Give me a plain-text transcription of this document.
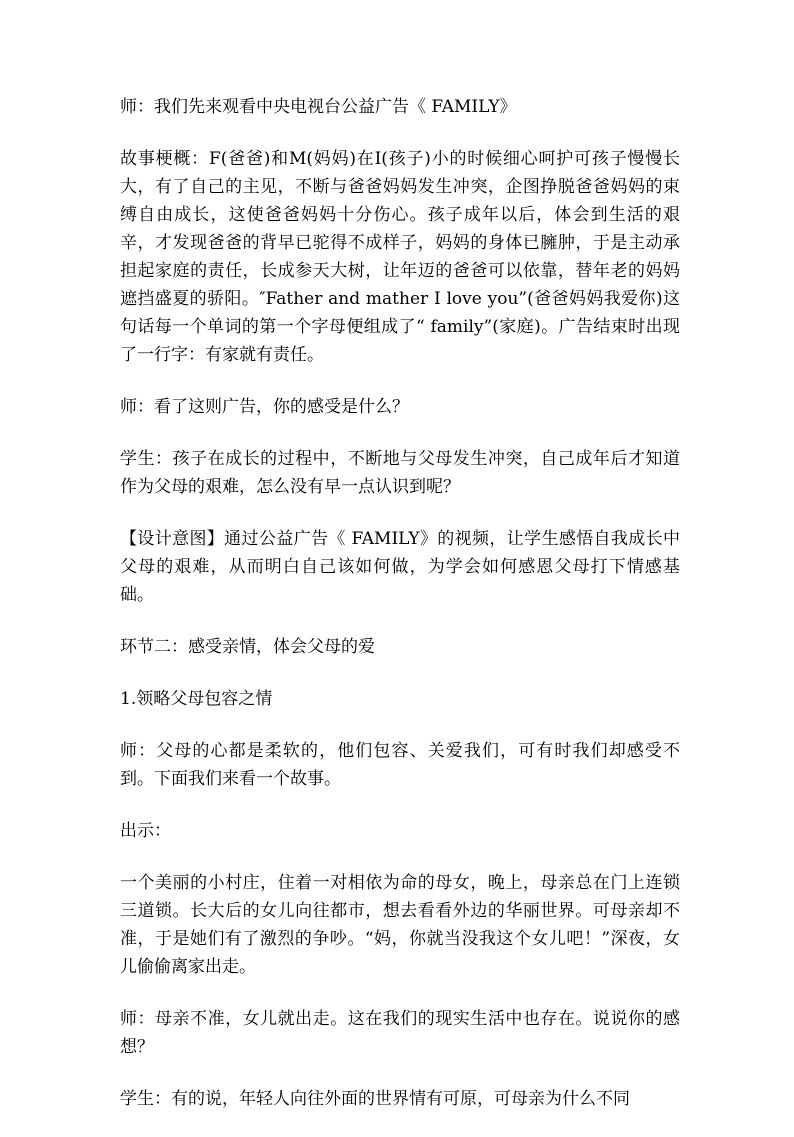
师：我们先来观看中央电视台公益广告《 FAMILY》

故事梗概：F(爸爸)和M(妈妈)在I(孩子)小的时候细心呵护可孩子慢慢长大，有了自己的主见，不断与爸爸妈妈发生冲突，企图挣脱爸爸妈妈的束缚自由成长，这使爸爸妈妈十分伤心。孩子成年以后，体会到生活的艰辛，才发现爸爸的背早已驼得不成样子，妈妈的身体已臃肿，于是主动承担起家庭的责任，长成参天大树，让年迈的爸爸可以依靠，替年老的妈妈遮挡盛夏的骄阳。″Father and mather I love you”(爸爸妈妈我爱你)这句话每一个单词的第一个字母便组成了“ family”(家庭)。广告结束时出现了一行字：有家就有责任。

师：看了这则广告，你的感受是什么？

学生：孩子在成长的过程中，不断地与父母发生冲突，自己成年后才知道作为父母的艰难，怎么没有早一点认识到呢？

【设计意图】通过公益广告《 FAMILY》的视频，让学生感悟自我成长中父母的艰难，从而明白自己该如何做，为学会如何感恩父母打下情感基础。

环节二：感受亲情，体会父母的爱

1.领略父母包容之情

师：父母的心都是柔软的，他们包容、关爱我们，可有时我们却感受不到。下面我们来看一个故事。

出示：

一个美丽的小村庄，住着一对相依为命的母女，晚上，母亲总在门上连锁三道锁。长大后的女儿向往都市，想去看看外边的华丽世界。可母亲却不准，于是她们有了激烈的争吵。“妈，你就当没我这个女儿吧！”深夜，女儿偷偷离家出走。

师：母亲不准，女儿就出走。这在我们的现实生活中也存在。说说你的感想？

学生：有的说，年轻人向往外面的世界情有可原，可母亲为什么不同
